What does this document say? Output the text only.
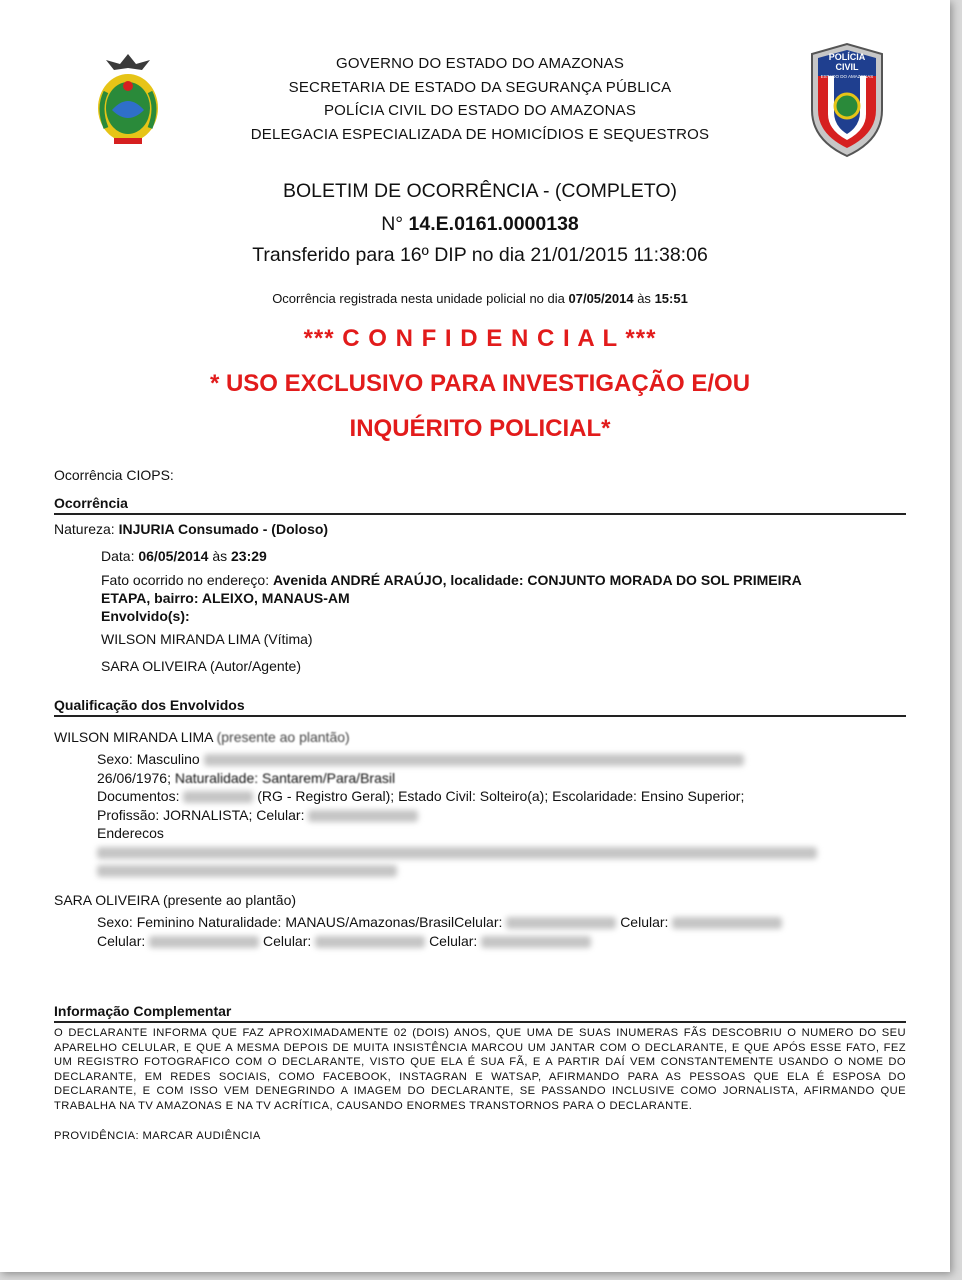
POLÍCIA
CIVIL
ESTADO DO AMAZONAS
GOVERNO DO ESTADO DO AMAZONAS
SECRETARIA DE ESTADO DA SEGURANÇA PÚBLICA
POLÍCIA CIVIL DO ESTADO DO AMAZONAS
DELEGACIA ESPECIALIZADA DE HOMICÍDIOS E SEQUESTROS
BOLETIM DE OCORRÊNCIA - (COMPLETO)
N° 14.E.0161.0000138
Transferido para 16º DIP no dia 21/01/2015 11:38:06
Ocorrência registrada nesta unidade policial no dia 07/05/2014 às 15:51
*** C O N F I D E N C I A L ***
* USO EXCLUSIVO PARA INVESTIGAÇÃO E/OU
INQUÉRITO POLICIAL*
Ocorrência CIOPS:
Ocorrência
Natureza: INJURIA Consumado - (Doloso)
Data: 06/05/2014 às 23:29
Fato ocorrido no endereço: Avenida ANDRÉ ARAÚJO, localidade: CONJUNTO MORADA DO SOL PRIMEIRA
ETAPA, bairro: ALEIXO, MANAUS-AM
Envolvido(s):
WILSON MIRANDA LIMA (Vítima)
SARA OLIVEIRA (Autor/Agente)
Qualificação dos Envolvidos
WILSON MIRANDA LIMA (presente ao plantão)
Sexo: Masculino
26/06/1976; Naturalidade: Santarem/Para/Brasil
Documentos:	(RG - Registro Geral); Estado Civil: Solteiro(a); Escolaridade: Ensino Superior;
Profissão: JORNALISTA; Celular:
Enderecos
SARA OLIVEIRA (presente ao plantão)
Sexo: Feminino Naturalidade: MANAUS/Amazonas/BrasilCelular:	Celular:
Celular:	Celular:	Celular:
Informação Complementar
O DECLARANTE INFORMA QUE FAZ APROXIMADAMENTE 02 (DOIS) ANOS, QUE UMA DE SUAS INUMERAS FÃS DESCOBRIU O NUMERO DO SEU APARELHO CELULAR, E QUE A MESMA DEPOIS DE MUITA INSISTÊNCIA MARCOU UM JANTAR COM O DECLARANTE, E QUE APÓS ESSE FATO, FEZ UM REGISTRO FOTOGRAFICO COM O DECLARANTE, VISTO QUE ELA É SUA FÃ, E A PARTIR DAÍ VEM CONSTANTEMENTE USANDO O NOME DO DECLARANTE, EM REDES SOCIAIS, COMO FACEBOOK, INSTAGRAN E WATSAP, AFIRMANDO PARA AS PESSOAS QUE ELA É ESPOSA DO DECLARANTE, E COM ISSO VEM DENEGRINDO A IMAGEM DO DECLARANTE, SE PASSANDO INCLUSIVE COMO JORNALISTA, AFIRMANDO QUE TRABALHA NA TV AMAZONAS E NA TV ACRÍTICA, CAUSANDO ENORMES TRANSTORNOS PARA O DECLARANTE.
PROVIDÊNCIA: MARCAR AUDIÊNCIA
